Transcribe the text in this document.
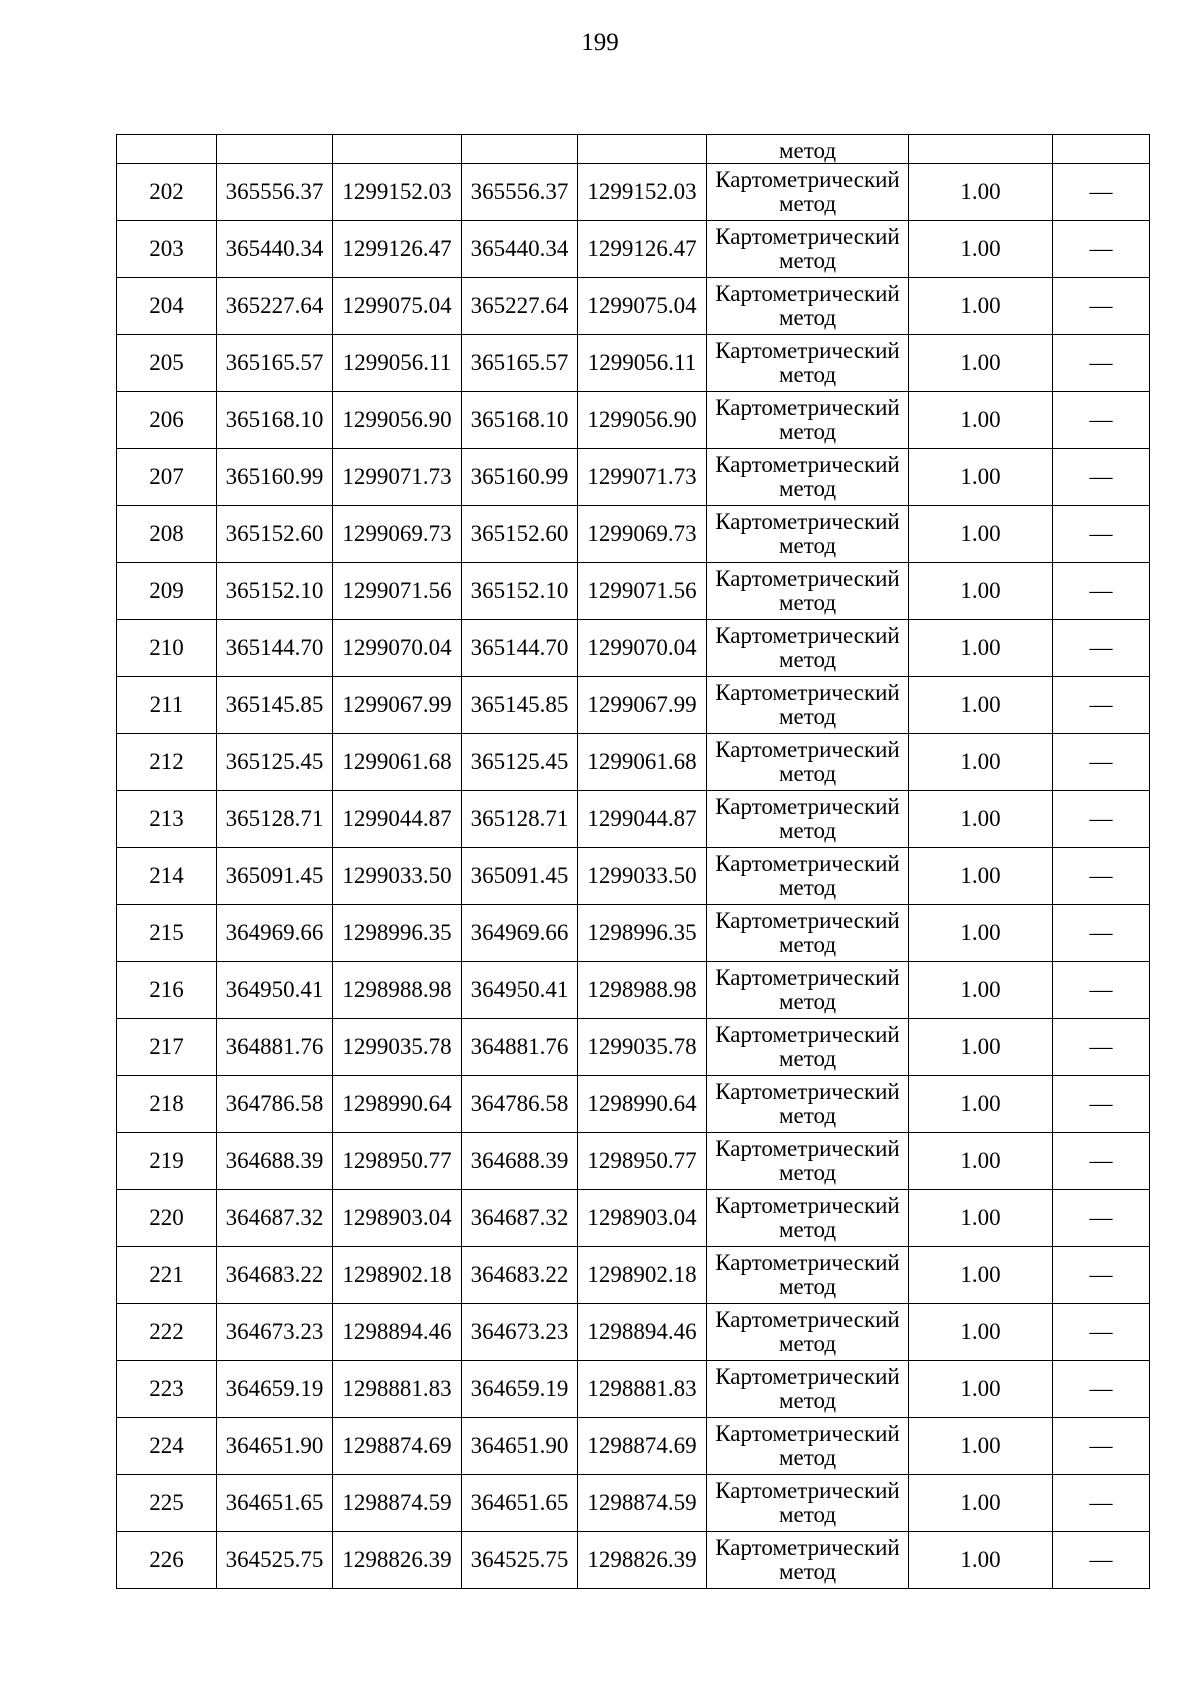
199

					метод		

202	365556.37	1299152.03	365556.37	1299152.03	Картометрический
метод	1.00	—
203	365440.34	1299126.47	365440.34	1299126.47	Картометрический
метод	1.00	—
204	365227.64	1299075.04	365227.64	1299075.04	Картометрический
метод	1.00	—
205	365165.57	1299056.11	365165.57	1299056.11	Картометрический
метод	1.00	—
206	365168.10	1299056.90	365168.10	1299056.90	Картометрический
метод	1.00	—
207	365160.99	1299071.73	365160.99	1299071.73	Картометрический
метод	1.00	—
208	365152.60	1299069.73	365152.60	1299069.73	Картометрический
метод	1.00	—
209	365152.10	1299071.56	365152.10	1299071.56	Картометрический
метод	1.00	—
210	365144.70	1299070.04	365144.70	1299070.04	Картометрический
метод	1.00	—
211	365145.85	1299067.99	365145.85	1299067.99	Картометрический
метод	1.00	—
212	365125.45	1299061.68	365125.45	1299061.68	Картометрический
метод	1.00	—
213	365128.71	1299044.87	365128.71	1299044.87	Картометрический
метод	1.00	—
214	365091.45	1299033.50	365091.45	1299033.50	Картометрический
метод	1.00	—
215	364969.66	1298996.35	364969.66	1298996.35	Картометрический
метод	1.00	—
216	364950.41	1298988.98	364950.41	1298988.98	Картометрический
метод	1.00	—
217	364881.76	1299035.78	364881.76	1299035.78	Картометрический
метод	1.00	—
218	364786.58	1298990.64	364786.58	1298990.64	Картометрический
метод	1.00	—
219	364688.39	1298950.77	364688.39	1298950.77	Картометрический
метод	1.00	—
220	364687.32	1298903.04	364687.32	1298903.04	Картометрический
метод	1.00	—
221	364683.22	1298902.18	364683.22	1298902.18	Картометрический
метод	1.00	—
222	364673.23	1298894.46	364673.23	1298894.46	Картометрический
метод	1.00	—
223	364659.19	1298881.83	364659.19	1298881.83	Картометрический
метод	1.00	—
224	364651.90	1298874.69	364651.90	1298874.69	Картометрический
метод	1.00	—
225	364651.65	1298874.59	364651.65	1298874.59	Картометрический
метод	1.00	—
226	364525.75	1298826.39	364525.75	1298826.39	Картометрический
метод	1.00	—
